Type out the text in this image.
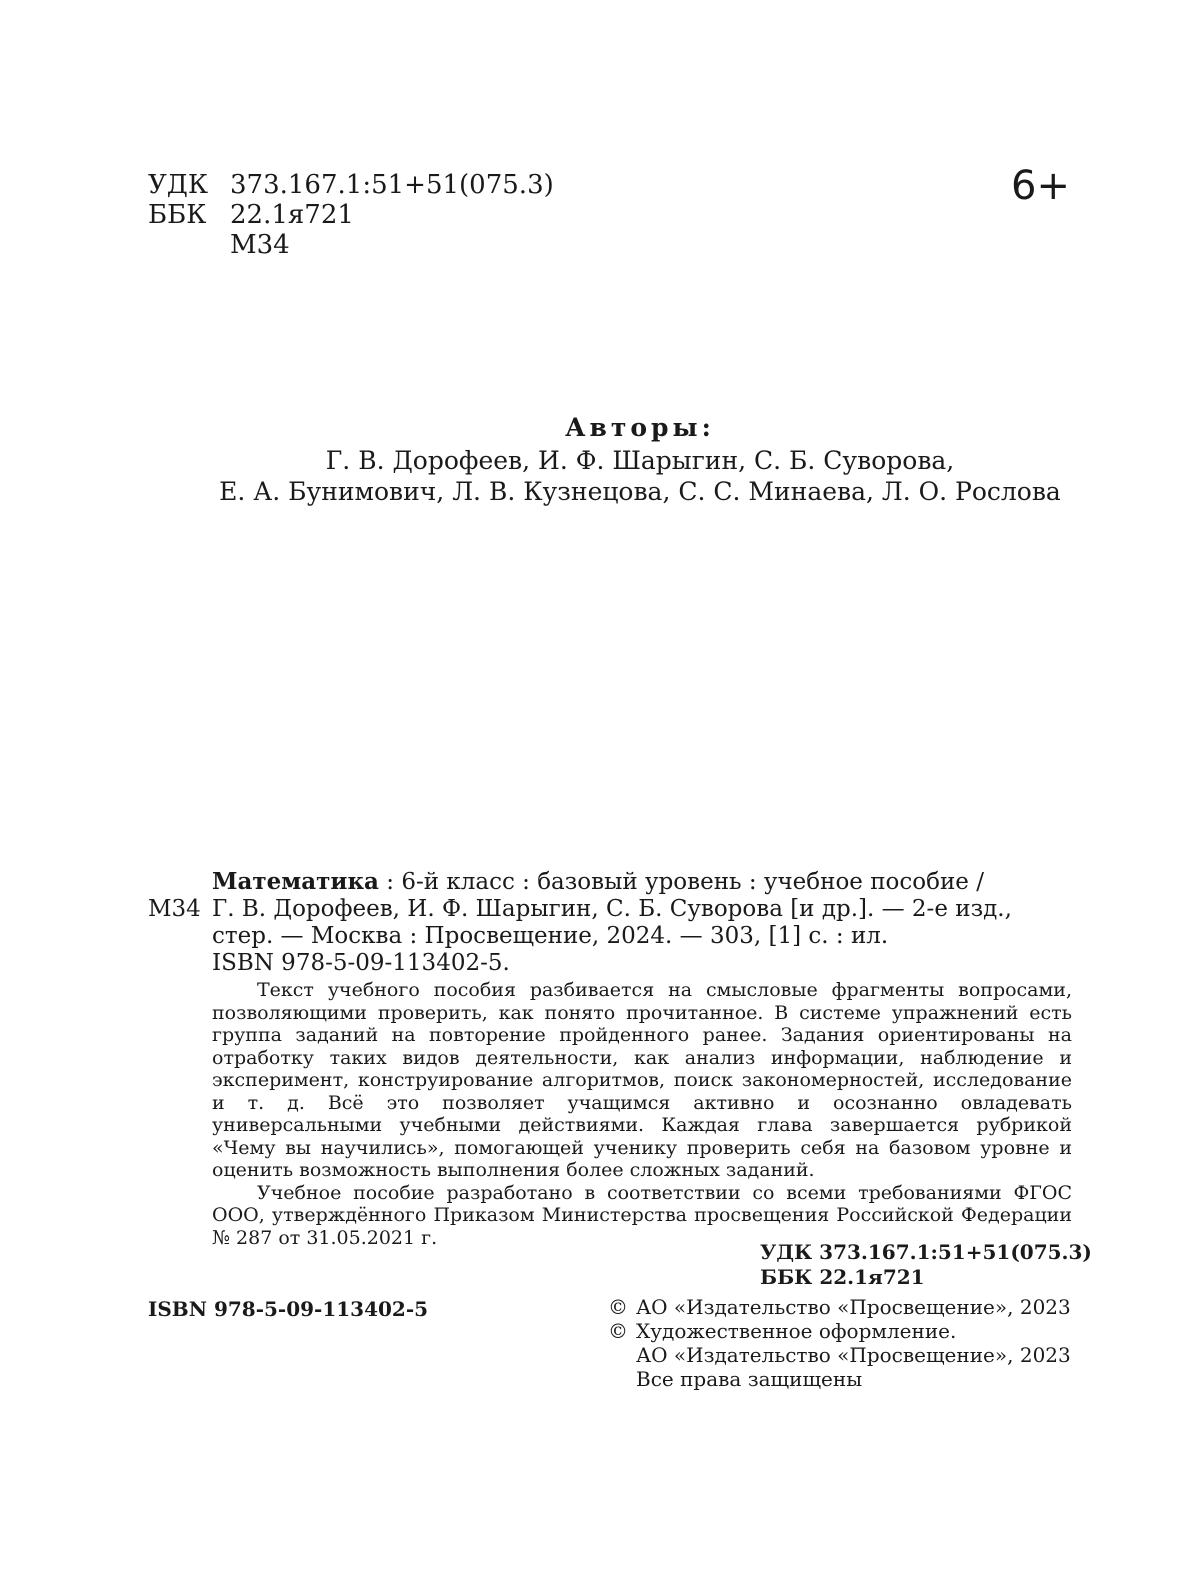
УДК 373.167.1:51+51(075.3)
ББК 22.1я721
М34
6+
Авторы:
Г. В. Дорофеев, И. Ф. Шарыгин, С. Б. Суворова,
Е. А. Бунимович, Л. В. Кузнецова, С. С. Минаева, Л. О. Рослова
Математика : 6-й класс : базовый уровень : учебное пособие /
М34 Г. В. Дорофеев, И. Ф. Шарыгин, С. Б. Суворова [и др.]. — 2-е изд.,
стер. — Москва : Просвещение, 2024. — 303, [1] с. : ил.
ISBN 978-5-09-113402-5.

Текст учебного пособия разбивается на смысловые фрагменты вопросами, позволяющими проверить, как понято прочитанное. В системе упражнений есть группа заданий на повторение пройденного ранее. Задания ориентированы на отработку таких видов деятельности, как анализ информации, наблюдение и эксперимент, конструирование алгоритмов, поиск закономерностей, исследование и т. д. Всё это позволяет учащимся активно и осознанно овладевать универсальными учебными действиями. Каждая глава завершается рубрикой «Чему вы научились», помогающей ученику проверить себя на базовом уровне и оценить возможность выполнения более сложных заданий.

Учебное пособие разработано в соответствии со всеми требованиями ФГОС ООО, утверждённого Приказом Министерства просвещения Российской Федерации № 287 от 31.05.2021 г.

УДК 373.167.1:51+51(075.3)
ББК 22.1я721
ISBN 978-5-09-113402-5	© АО «Издательство «Просвещение», 2023
© Художественное оформление.
АО «Издательство «Просвещение», 2023
Все права защищены
